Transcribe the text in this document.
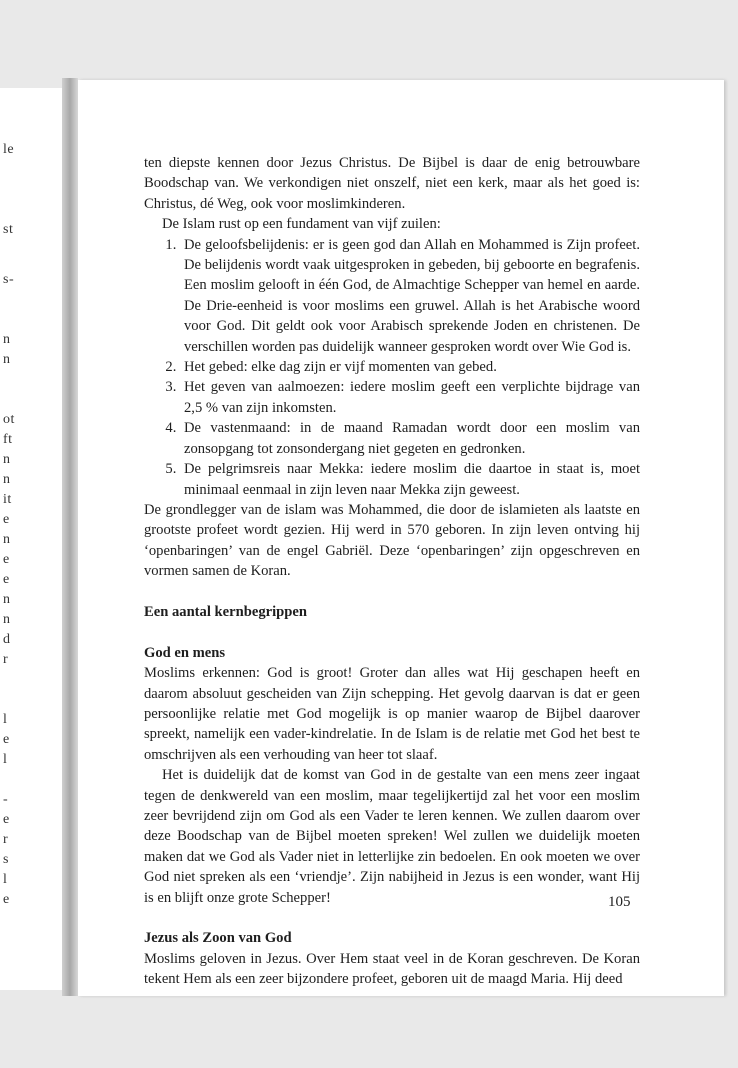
ten diepste kennen door Jezus Christus. De Bijbel is daar de enig betrouwbare Boodschap van. We verkondigen niet onszelf, niet een kerk, maar als het goed is: Christus, dé Weg, ook voor moslimkinderen.

De Islam rust op een fundament van vijf zuilen:

1. De geloofsbelijdenis: er is geen god dan Allah en Mohammed is Zijn profeet. De belijdenis wordt vaak uitgesproken in gebeden, bij geboorte en begrafenis. Een moslim gelooft in één God, de Almachtige Schepper van hemel en aarde. De Drie-eenheid is voor moslims een gruwel. Allah is het Arabische woord voor God. Dit geldt ook voor Arabisch sprekende Joden en christenen. De verschillen worden pas duidelijk wanneer gesproken wordt over Wie God is.
2. Het gebed: elke dag zijn er vijf momenten van gebed.
3. Het geven van aalmoezen: iedere moslim geeft een verplichte bijdrage van 2,5 % van zijn inkomsten.
4. De vastenmaand: in de maand Ramadan wordt door een moslim van zonsopgang tot zonsondergang niet gegeten en gedronken.
5. De pelgrimsreis naar Mekka: iedere moslim die daartoe in staat is, moet minimaal eenmaal in zijn leven naar Mekka zijn geweest.

De grondlegger van de islam was Mohammed, die door de islamieten als laatste en grootste profeet wordt gezien. Hij werd in 570 geboren. In zijn leven ontving hij ‘openbaringen’ van de engel Gabriël. Deze ‘openbaringen’ zijn opgeschreven en vormen samen de Koran.

Een aantal kernbegrippen

God en mens

Moslims erkennen: God is groot! Groter dan alles wat Hij geschapen heeft en daarom absoluut gescheiden van Zijn schepping. Het gevolg daarvan is dat er geen persoonlijke relatie met God mogelijk is op manier waarop de Bijbel daarover spreekt, namelijk een vader-kindrelatie. In de Islam is de relatie met God het best te omschrijven als een verhouding van heer tot slaaf.

Het is duidelijk dat de komst van God in de gestalte van een mens zeer ingaat tegen de denkwereld van een moslim, maar tegelijkertijd zal het voor een moslim zeer bevrijdend zijn om God als een Vader te leren kennen. We zullen daarom over deze Boodschap van de Bijbel moeten spreken! Wel zullen we duidelijk moeten maken dat we God als Vader niet in letterlijke zin bedoelen. En ook moeten we over God niet spreken als een ‘vriendje’. Zijn nabijheid in Jezus is een wonder, want Hij is en blijft onze grote Schepper!

Jezus als Zoon van God

Moslims geloven in Jezus. Over Hem staat veel in de Koran geschreven. De Koran tekent Hem als een zeer bijzondere profeet, geboren uit de maagd Maria. Hij deed

105
le
st
s-
n
n
ot
ft
n
n
it
e
n
e
e
n
n
d
r
l
e
l
-
e
r
s
l
e
